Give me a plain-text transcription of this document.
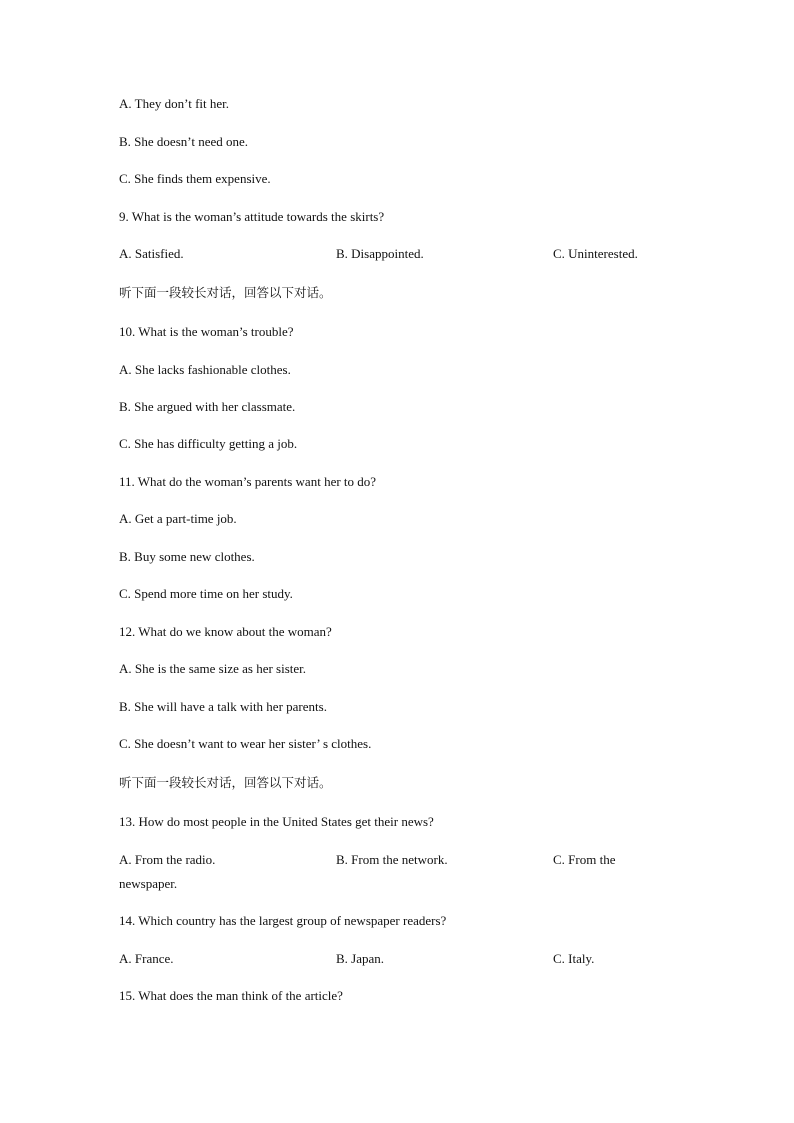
A. They don’t fit her.
B. She doesn’t need one.
C. She finds them expensive.
9. What is the woman’s attitude towards the skirts?
A. Satisfied.	B. Disappointed.	C. Uninterested.
听下面一段较长对话，回答以下对话。
10. What is the woman’s trouble?
A. She lacks fashionable clothes.
B. She argued with her classmate.
C. She has difficulty getting a job.
11. What do the woman’s parents want her to do?
A. Get a part-time job.
B. Buy some new clothes.
C. Spend more time on her study.
12. What do we know about the woman?
A. She is the same size as her sister.
B. She will have a talk with her parents.
C. She doesn’t want to wear her sister’ s clothes.
听下面一段较长对话，回答以下对话。
13. How do most people in the United States get their news?
A. From the radio.	B. From the network.	C. From the
newspaper.
14. Which country has the largest group of newspaper readers?
A. France.	B. Japan.	C. Italy.
15. What does the man think of the article?
